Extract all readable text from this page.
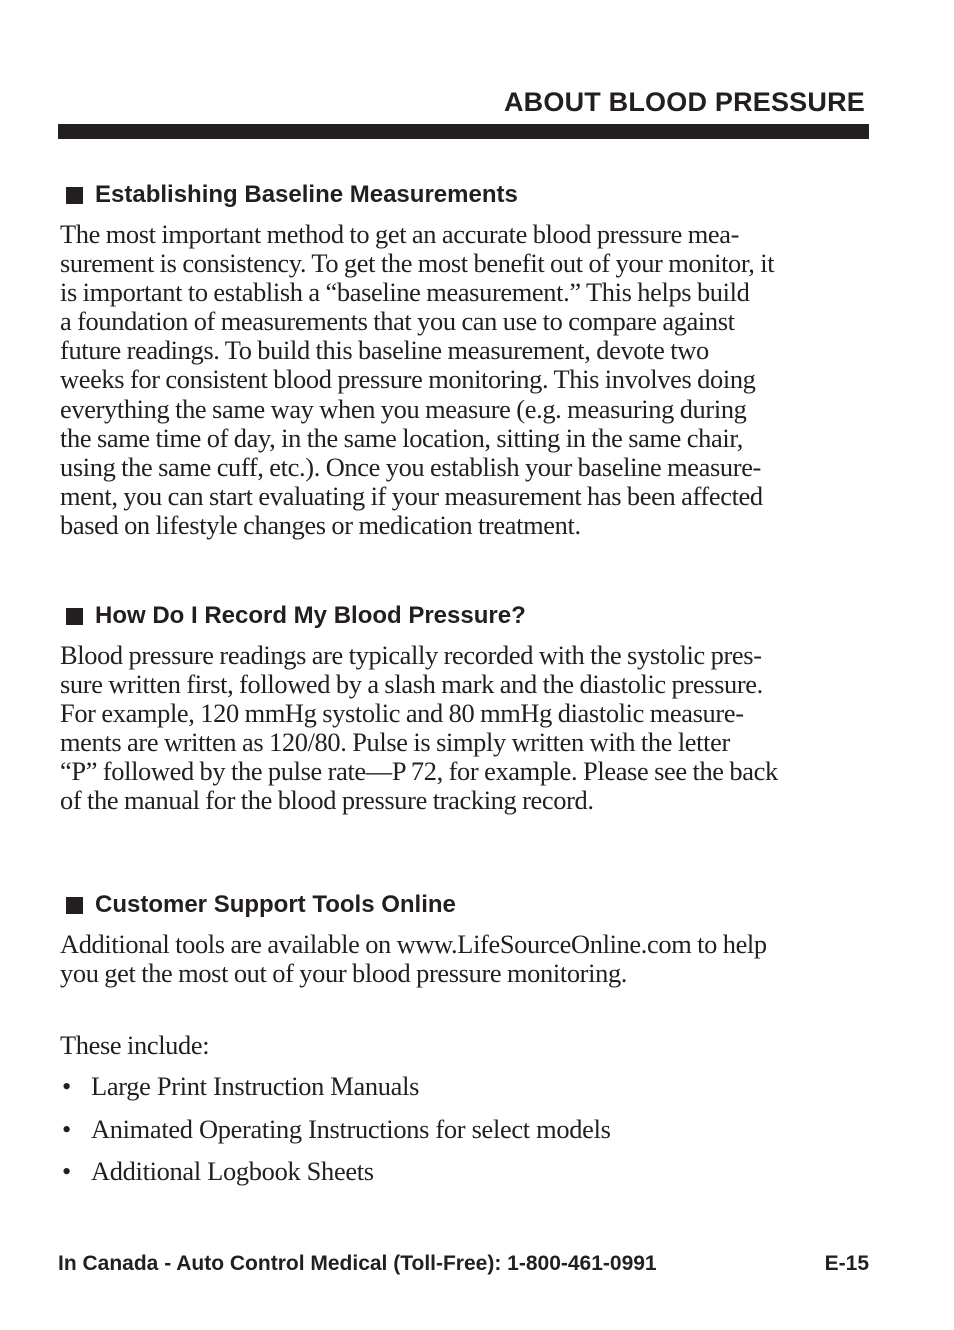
ABOUT BLOOD PRESSURE
Establishing Baseline Measurements

The most important method to get an accurate blood pressure mea-
surement is consistency. To get the most benefit out of your monitor, it
is important to establish a “baseline measurement.” This helps build
a foundation of measurements that you can use to compare against
future readings. To build this baseline measurement, devote two
weeks for consistent blood pressure monitoring. This involves doing
everything the same way when you measure (e.g. measuring during
the same time of day, in the same location, sitting in the same chair,
using the same cuff, etc.). Once you establish your baseline measure-
ment, you can start evaluating if your measurement has been affected
based on lifestyle changes or medication treatment.

How Do I Record My Blood Pressure?

Blood pressure readings are typically recorded with the systolic pres-
sure written first, followed by a slash mark and the diastolic pressure.
For example, 120 mmHg systolic and 80 mmHg diastolic measure-
ments are written as 120/80. Pulse is simply written with the letter
“P” followed by the pulse rate—P 72, for example. Please see the back
of the manual for the blood pressure tracking record.

Customer Support Tools Online

Additional tools are available on www.LifeSourceOnline.com to help
you get the most out of your blood pressure monitoring.

These include:

• Large Print Instruction Manuals
• Animated Operating Instructions for select models
• Additional Logbook Sheets
In Canada - Auto Control Medical (Toll-Free): 1-800-461-0991	E-15
